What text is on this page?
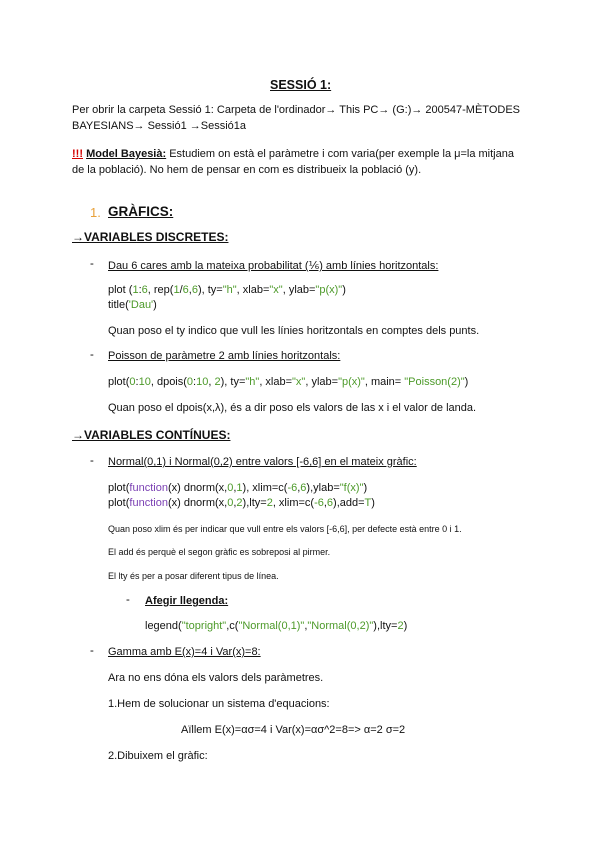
SESSIÓ 1:
Per obrir la carpeta Sessió 1: Carpeta de l'ordinador→ This PC→ (G:)→ 200547-MÈTODES
BAYESIANS→ Sessió1 →Sessió1a
!!! Model Bayesià: Estudiem on està el paràmetre i com varia(per exemple la μ=la mitjana
de la població). No hem de pensar en com es distribueix la població (y).
1. GRÀFICS:
→VARIABLES DISCRETES:
- Dau 6 cares amb la mateixa probabilitat (⅙) amb línies horitzontals:
plot (1:6, rep(1/6,6), ty="h", xlab="x", ylab="p(x)")
title('Dau')
Quan poso el ty indico que vull les línies horitzontals en comptes dels punts.
- Poisson de paràmetre 2 amb línies horitzontals:
plot(0:10, dpois(0:10, 2), ty="h", xlab="x", ylab="p(x)", main= "Poisson(2)")
Quan poso el dpois(x,λ), és a dir poso els valors de las x i el valor de landa.
→VARIABLES CONTÍNUES:
- Normal(0,1) i Normal(0,2) entre valors [-6,6] en el mateix gràfic:
plot(function(x) dnorm(x,0,1), xlim=c(-6,6),ylab="f(x)")
plot(function(x) dnorm(x,0,2),lty=2, xlim=c(-6,6),add=T)
Quan poso xlim és per indicar que vull entre els valors [-6,6], per defecte està entre 0 i 1.
El add és perquè el segon gràfic es sobreposi al pirmer.
El lty és per a posar diferent tipus de línea.
- Afegir llegenda:
legend("topright",c("Normal(0,1)","Normal(0,2)"),lty=2)
- Gamma amb E(x)=4 i Var(x)=8:
Ara no ens dóna els valors dels paràmetres.
1.Hem de solucionar un sistema d'equacions:
Aïllem E(x)=ασ=4 i Var(x)=ασ^2=8=> α=2 σ=2
2.Dibuixem el gràfic:
